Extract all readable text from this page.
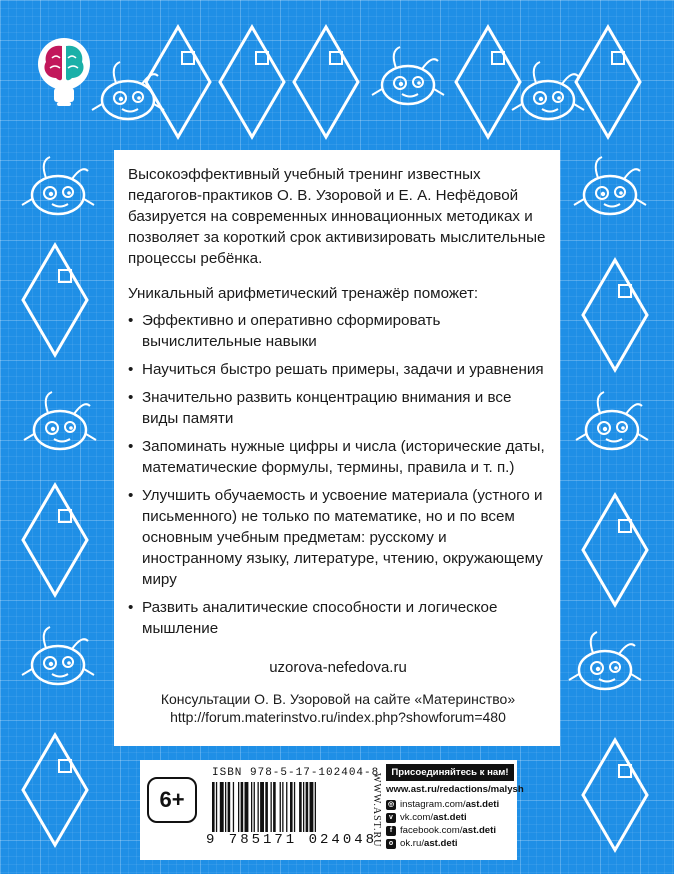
Высокоэффективный учебный тренинг известных педагогов-практиков О. В. Узоровой и Е. А. Нефёдовой базируется на современных инновационных методиках и позволяет за короткий срок активизировать мыслительные процессы ребёнка.

Уникальный арифметический тренажёр поможет:

• Эффективно и оперативно сформировать вычислительные навыки
• Научиться быстро решать примеры, задачи и уравнения
• Значительно развить концентрацию внимания и все виды памяти
• Запоминать нужные цифры и числа (исторические даты, математические формулы, термины, правила и т. п.)
• Улучшить обучаемость и усвоение материала (устного и письменного) не только по математике, но и по всем основным учебным предметам: русскому и иностранному языку, литературе, чтению, окружающему миру
• Развить аналитические способности и логическое мышление
uzorova-nefedova.ru
Консультации О. В. Узоровой на сайте «Материнство»
http://forum.materinstvo.ru/index.php?showforum=480
6+
ISBN 978-5-17-102404-8
9 785171 024048
WWW.AST.RU
Присоединяйтесь к нам!
www.ast.ru/redactions/malysh
◎ instagram.com/ ast.deti
v vk.com/ ast.deti
f facebook.com/ ast.deti
o ok.ru/ ast.deti
